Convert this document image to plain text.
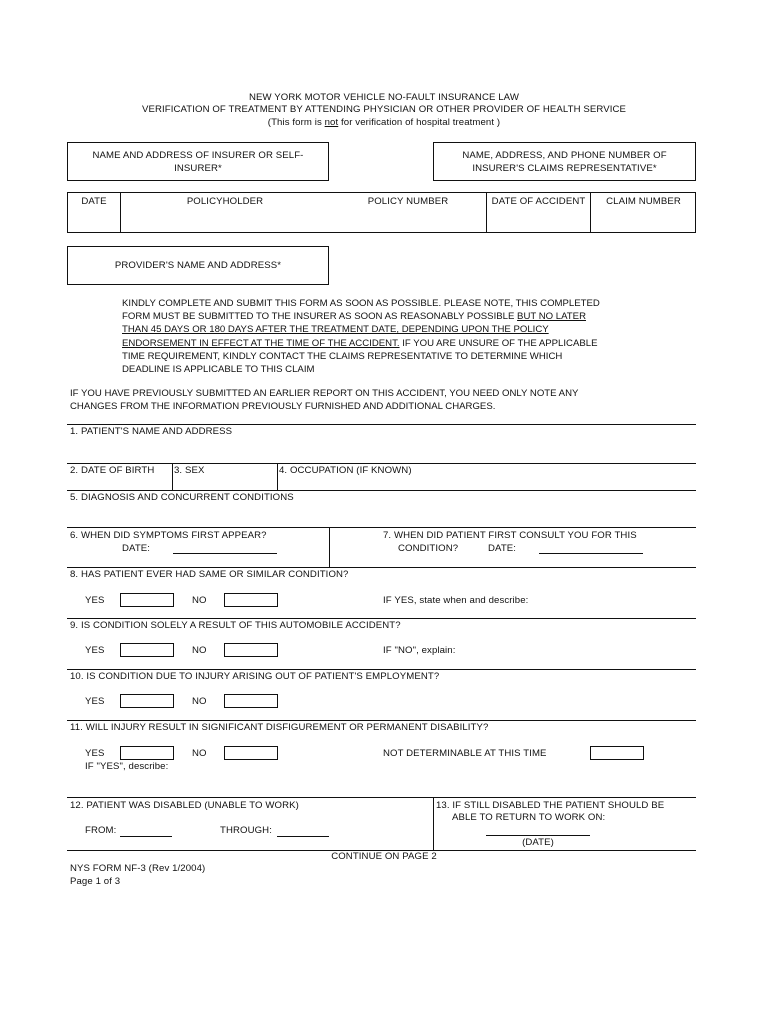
NEW YORK MOTOR VEHICLE NO-FAULT INSURANCE LAW
VERIFICATION OF TREATMENT BY ATTENDING PHYSICIAN OR OTHER PROVIDER OF HEALTH SERVICE
(This form is not for verification of hospital treatment )
NAME AND ADDRESS OF INSURER OR SELF-
INSURER*
NAME, ADDRESS, AND PHONE NUMBER OF
INSURER'S CLAIMS REPRESENTATIVE*
DATE	POLICYHOLDER	POLICY NUMBER	DATE OF ACCIDENT	CLAIM NUMBER
PROVIDER'S NAME AND ADDRESS*
KINDLY COMPLETE AND SUBMIT THIS FORM AS SOON AS POSSIBLE. PLEASE NOTE, THIS COMPLETED
FORM MUST BE SUBMITTED TO THE INSURER AS SOON AS REASONABLY POSSIBLE BUT NO LATER
THAN 45 DAYS OR 180 DAYS AFTER THE TREATMENT DATE, DEPENDING UPON THE POLICY
ENDORSEMENT IN EFFECT AT THE TIME OF THE ACCIDENT. IF YOU ARE UNSURE OF THE APPLICABLE
TIME REQUIREMENT, KINDLY CONTACT THE CLAIMS REPRESENTATIVE TO DETERMINE WHICH
DEADLINE IS APPLICABLE TO THIS CLAIM
IF YOU HAVE PREVIOUSLY SUBMITTED AN EARLIER REPORT ON THIS ACCIDENT, YOU NEED ONLY NOTE ANY
CHANGES FROM THE INFORMATION PREVIOUSLY FURNISHED AND ADDITIONAL CHARGES.
1. PATIENT'S NAME AND ADDRESS
2. DATE OF BIRTH 3. SEX	4. OCCUPATION (IF KNOWN)
5. DIAGNOSIS AND CONCURRENT CONDITIONS
6. WHEN DID SYMPTOMS FIRST APPEAR?
DATE:
7. WHEN DID PATIENT FIRST CONSULT YOU FOR THIS
CONDITION?	DATE:
8. HAS PATIENT EVER HAD SAME OR SIMILAR CONDITION?
YES	NO	IF YES, state when and describe:
9. IS CONDITION SOLELY A RESULT OF THIS AUTOMOBILE ACCIDENT?
YES	NO	IF "NO", explain:
10. IS CONDITION DUE TO INJURY ARISING OUT OF PATIENT'S EMPLOYMENT?
YES	NO
11. WILL INJURY RESULT IN SIGNIFICANT DISFIGUREMENT OR PERMANENT DISABILITY?
YES	NO	NOT DETERMINABLE AT THIS TIME
IF "YES", describe:
12. PATIENT WAS DISABLED (UNABLE TO WORK)
FROM:	THROUGH:
13. IF STILL DISABLED THE PATIENT SHOULD BE
ABLE TO RETURN TO WORK ON:
(DATE)
CONTINUE ON PAGE 2
NYS FORM NF-3 (Rev 1/2004)
Page 1 of 3
